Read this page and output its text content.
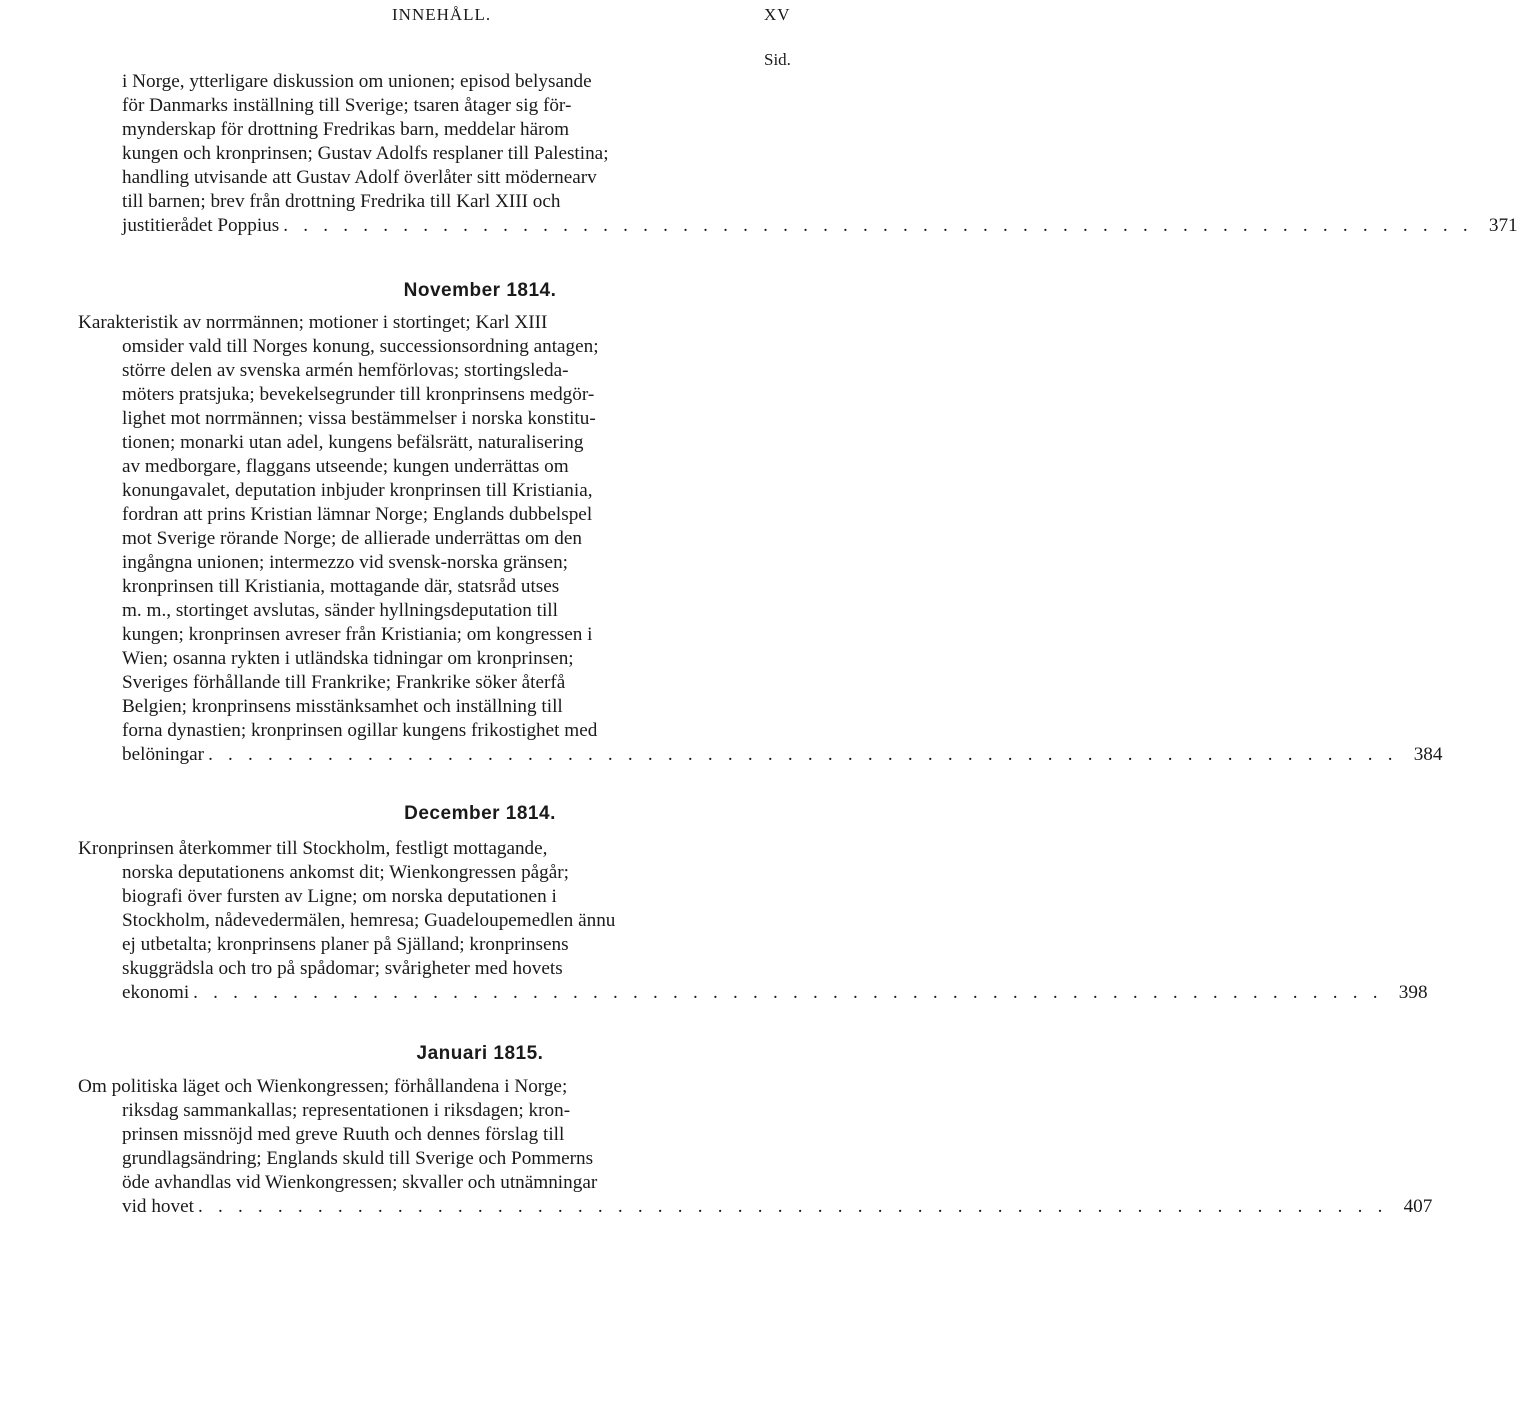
INNEHÅLL.	XV
Sid.
i Norge, ytterligare diskussion om unionen; episod belysande
för Danmarks inställning till Sverige; tsaren åtager sig för-
mynderskap för drottning Fredrikas barn, meddelar härom
kungen och kronprinsen; Gustav Adolfs resplaner till Palestina;
handling utvisande att Gustav Adolf överlåter sitt mödernearv
till barnen; brev från drottning Fredrika till Karl XIII och
justitierådet Poppius . . . . . . . . . . . . . . . . . . . . . . . . . . . . . . . . . . . . . . . . . . . . . . . . . . . . . . . . . . . . 371
November 1814.
Karakteristik av norrmännen; motioner i stortinget; Karl XIII
omsider vald till Norges konung, successionsordning antagen;
större delen av svenska armén hemförlovas; stortingsleda-
möters pratsjuka; bevekelsegrunder till kronprinsens medgör-
lighet mot norrmännen; vissa bestämmelser i norska konstitu-
tionen; monarki utan adel, kungens befälsrätt, naturalisering
av medborgare, flaggans utseende; kungen underrättas om
konungavalet, deputation inbjuder kronprinsen till Kristiania,
fordran att prins Kristian lämnar Norge; Englands dubbelspel
mot Sverige rörande Norge; de allierade underrättas om den
ingångna unionen; intermezzo vid svensk-norska gränsen;
kronprinsen till Kristiania, mottagande där, statsråd utses
m. m., stortinget avslutas, sänder hyllningsdeputation till
kungen; kronprinsen avreser från Kristiania; om kongressen i
Wien; osanna rykten i utländska tidningar om kronprinsen;
Sveriges förhållande till Frankrike; Frankrike söker återfå
Belgien; kronprinsens misstänksamhet och inställning till
forna dynastien; kronprinsen ogillar kungens frikostighet med
belöningar . . . . . . . . . . . . . . . . . . . . . . . . . . . . . . . . . . . . . . . . . . . . . . . . . . . . . . . . . . . . 384
December 1814.
Kronprinsen återkommer till Stockholm, festligt mottagande,
norska deputationens ankomst dit; Wienkongressen pågår;
biografi över fursten av Ligne; om norska deputationen i
Stockholm, nådevedermälen, hemresa; Guadeloupemedlen ännu
ej utbetalta; kronprinsens planer på Själland; kronprinsens
skuggrädsla och tro på spådomar; svårigheter med hovets
ekonomi . . . . . . . . . . . . . . . . . . . . . . . . . . . . . . . . . . . . . . . . . . . . . . . . . . . . . . . . . . . . 398
Januari 1815.
Om politiska läget och Wienkongressen; förhållandena i Norge;
riksdag sammankallas; representationen i riksdagen; kron-
prinsen missnöjd med greve Ruuth och dennes förslag till
grundlagsändring; Englands skuld till Sverige och Pommerns
öde avhandlas vid Wienkongressen; skvaller och utnämningar
vid hovet . . . . . . . . . . . . . . . . . . . . . . . . . . . . . . . . . . . . . . . . . . . . . . . . . . . . . . . . . . . . 407
